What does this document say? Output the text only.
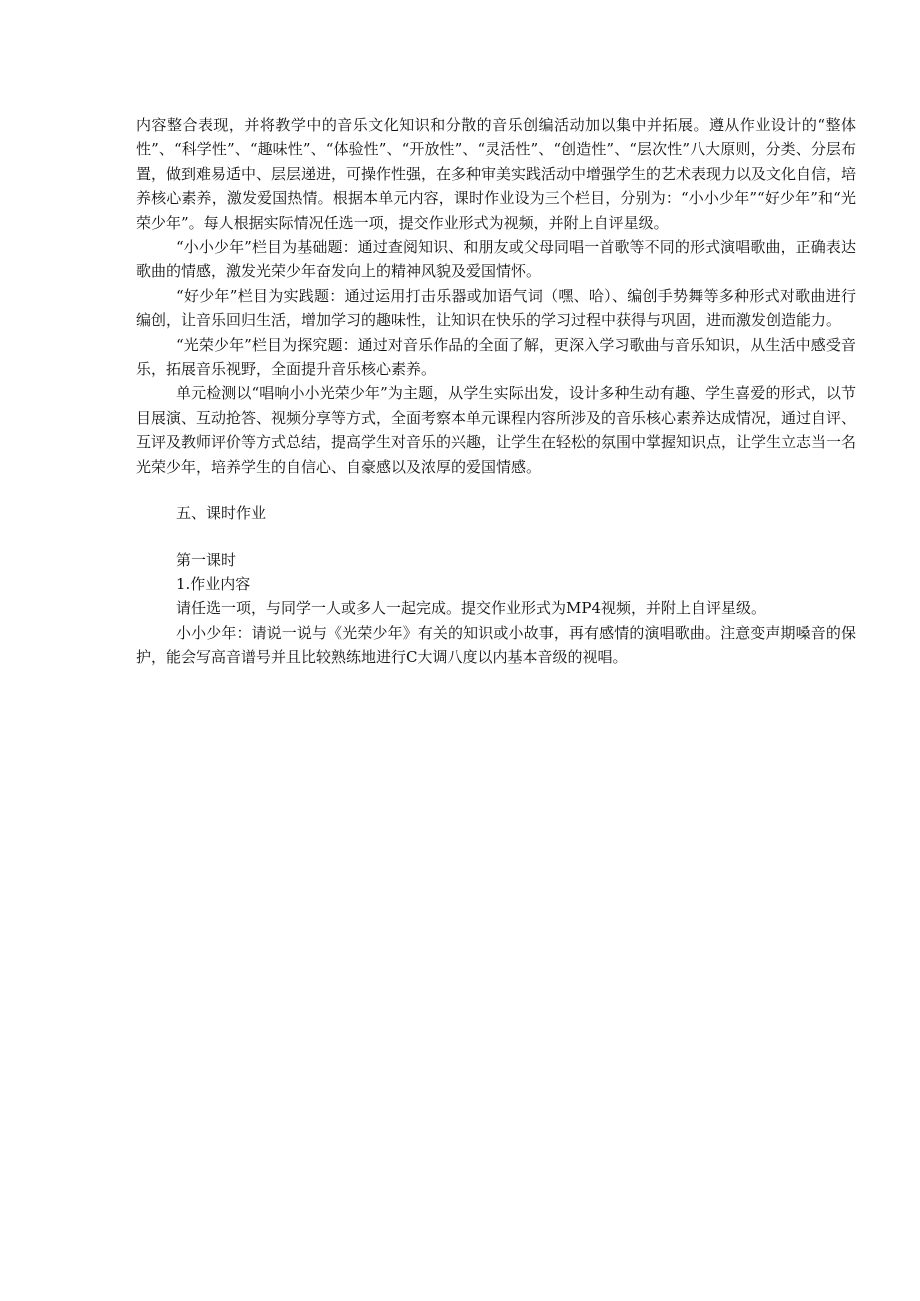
内容整合表现，并将教学中的音乐文化知识和分散的音乐创编活动加以集中并拓展。遵从作业设计的“整体性”、“科学性”、“趣味性”、“体验性”、“开放性”、“灵活性”、“创造性”、“层次性”八大原则，分类、分层布置，做到难易适中、层层递进，可操作性强，在多种审美实践活动中增强学生的艺术表现力以及文化自信，培养核心素养，激发爱国热情。根据本单元内容，课时作业设为三个栏目，分别为：“小小少年”“好少年”和“光荣少年”。每人根据实际情况任选一项，提交作业形式为视频，并附上自评星级。

“小小少年”栏目为基础题：通过查阅知识、和朋友或父母同唱一首歌等不同的形式演唱歌曲，正确表达歌曲的情感，激发光荣少年奋发向上的精神风貌及爱国情怀。

“好少年”栏目为实践题：通过运用打击乐器或加语气词（嘿、哈）、编创手势舞等多种形式对歌曲进行编创，让音乐回归生活，增加学习的趣味性，让知识在快乐的学习过程中获得与巩固，进而激发创造能力。

“光荣少年”栏目为探究题：通过对音乐作品的全面了解，更深入学习歌曲与音乐知识，从生活中感受音乐，拓展音乐视野，全面提升音乐核心素养。

单元检测以“唱响小小光荣少年”为主题，从学生实际出发，设计多种生动有趣、学生喜爱的形式，以节目展演、互动抢答、视频分享等方式，全面考察本单元课程内容所涉及的音乐核心素养达成情况，通过自评、互评及教师评价等方式总结，提高学生对音乐的兴趣，让学生在轻松的氛围中掌握知识点，让学生立志当一名光荣少年，培养学生的自信心、自豪感以及浓厚的爱国情感。

五、课时作业

第一课时

1.作业内容

请任选一项，与同学一人或多人一起完成。提交作业形式为MP4视频，并附上自评星级。

小小少年：请说一说与《光荣少年》有关的知识或小故事，再有感情的演唱歌曲。注意变声期嗓音的保护，能会写高音谱号并且比较熟练地进行C大调八度以内基本音级的视唱。
